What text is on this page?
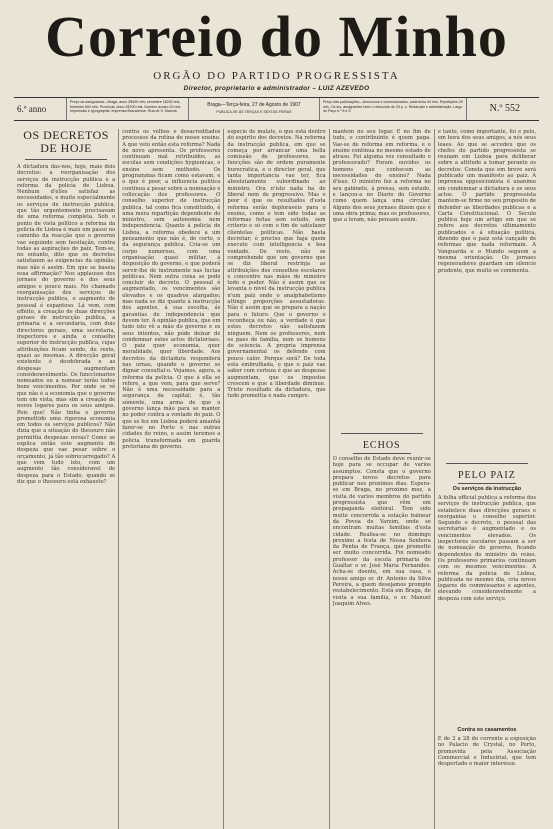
Correio do Minho
ORGÃO DO PARTIDO PROGRESSISTA
Director, proprietario e administrador – LUIZ AZEVEDO
6.º anno
Preço da assignatura—Braga, anno 2$400 reis; semestre 1$200 reis, trimestre 600 reis. Provincia, anno 2$700 reis. Numero avulso 20 reis. Impressão e typographia, Imprensa Bracarense. Rua de S. Marcos.
Braga—Terça-feira, 27 de Agosto de 1907
PUBLICA-SE ÁS TERÇAS E SEXTAS-FEIRAS
Preço das publicações—Annuncios e communicados, cada linha 40 reis. Repetições 20 reis. Os srs. assignantes teem o desconto de 25 p. c. Redacção e administração, Largo do Paço n.º 8 e 9	N.º 552
OS DECRETOS DE HOJE
A dictadura das-nos, hoje, mais dois decretos: a reorganisação dos serviços de instrucção publica e a reforma da policia de Lisboa. Nenhum d'elles satisfaz as necessidades, e muito especialmente os serviços de instrucção publica, que tão urgentemente precisavam de uma reforma completa. Sob o ponto de vista politico a reforma da policia de Lisboa é mais um passo no caminho da reacção que o governo vae seguindo sem hesitação, contra todas as aspirações do paiz. Tem-se, no entanto, dito que os decretos satisfazem as exigencias da opinião; mas não é assim. Em que se baseia essa affirmação? Nos applausos dos jornaes do governo e dos seus amigos e pouco mais. No chamado reorganisação dos serviços de instrucção publica, o augmento de pessoal é espantoso. Lá vem, com effeito, a creação de duas direcções geraes de instrucção publica, a primaria e a secundaria, com dois directores geraes, uma secretaria, inspectores e ainda o conselho superior de instrucção publica, cujas attribuições ficam sendo, de resto, quasi as mesmas. A direcção geral existente é desdobrada e as despesas augmentam consideravelmente. Os funccionarios nomeados ou a nomear terão todos bons vencimentos. Por onde se vê que não é a economia que o governo tem em vista, mas sim a creação de novos logares para os seus amigos. Pois que! Não tinha o governo promettido uma rigorosa economia em todos os serviços publicos? Não dizia que a situação do thesouro não permittia despezas novas? Como se explica então este augmento de despeza que vae pesar sobre o orçamento, já tão sobrecarregado? A que vem tudo isto, com um augmento tão consideravel de despeza para o Estado, quando se diz que o thesouro está exhausto?
contra os velhos e desacreditados processos da rotina do nosso ensino. A que veiu então esta reforma? Nada de novo apresenta. Os professores continuam mal retribuidos, as escolas sem condições hygienicas, o ensino sem methodo. Os programmas ficam como estavam, e o que é peor, a influencia politica continua a pesar sobre a nomeação e collocação dos professores. O conselho superior de instrucção publica, tal como fica constituido, é uma mera repartição dependente do ministro, sem autonomia nem independencia. Quanto á policia de Lisboa, a reforma obedece a um pensamento que não é, de certo, o da segurança publica. Cria-se um corpo numeroso, com uma organisação quasi militar, á disposição do governo, e que poderá servir-lhe de instrumento nas luctas politicas. Nem outra coisa se pode concluir do decreto. O pessoal é augmentado, os vencimentos são elevados e os quadros alargados; mas nada se diz quanto á instrucção dos agentes, á sua escolha, ás garantias de independencia que devem ter. A opinião publica, que em tudo isto vê a mão do governo e os seus intentos, não póde deixar de condemnar estes actos dictatoriaes. O paiz quer economia, quer moralidade, quer liberdade. Aos decretos da dictadura responderá nas urnas, quando o governo se dignar consultal-o. Vejamos, agora, a reforma da policia. O que á ella se refere, a que vem, para que serve? Não é uma necessidade para a segurança da capital; é, tão sómente, uma arma de que o governo lança mão para se manter no poder contra a vontade do paiz. O que se fez em Lisboa poderá amanhã fazer-se no Porto e nas outras cidades do reino, e assim teremos a policia transformada em guarda pretoriana do governo.
especie de mulats, o que está dentro do espirito dos decretos. Na reforma da instrucção publica, em que se começa por arrancar uma bella comissão de professores, as funcções são de ordem puramente burocratica, e o director geral, que tanta importancia vae ter, fica absolutamente subordinado ao ministro. Ora n'isto nada ha de liberal nem de progressivo. Mas o peor é que os resultados d'esta reforma serão deploraveis para o ensino, como o tem sido todas as reformas feitas sem estudo, sem criterio e só com o fim de satisfazer clientelas politicas. Não basta decretar; é preciso que haja quem execute com intelligencia e boa vontade. De resto, não se comprehende que um governo que se diz liberal restrinja as attribuições dos conselhos escolares e concentre nas mãos do ministro todo o poder. Não é assim que se levanta o nivel da instrucção publica n'um paiz onde o analphabetismo attinge proporções assustadoras. Não é assim que se prepara a nação para o futuro. Que o governo o reconheça ou não, a verdade é que estes decretos não satisfazem ninguem. Nem os professores, nem os paes de familia, nem os homens de sciencia. A propria imprensa governamental os defende com pouco calor. Porque será? De toda esta embrulhada, o que o paiz vae saber com certeza é que as despezas augmentam, que os impostos crescem e que a liberdade diminue. Triste resultado da dictadura, que tudo promettia e nada cumpre.
mantem no seu logar. E no fim de tudo, o contribuinte é quem paga. Vae-se de reforma em reforma, e o ensino continua no mesmo estado de atraso. Foi alguma vez consultado o professorado? Foram ouvidos os homens que conhecem as necessidades do ensino? Nada d'isso. O ministro fez a reforma no seu gabinete, á pressa, sem estudo, e lançou-a no Diario do Governo como quem lança uma circular. Alguns dos seus jornaes dizem que é uma obra prima; mas os professores, que a leram, não pensam assim.
ECHOS
O conselho de Estado deve reunir-se hoje para se occupar de varios assumptos. Consta que o governo prepara novos decretos para publicar nos proximos dias. Espera-se em Braga, no proximo mez, a visita de varios membros do partido progressista que vêm em propaganda eleitoral. Tem sido muito concorrida a estação balnear da Povoa de Varzim, onde se encontram muitas familias d'esta cidade. Realisa-se no domingo proximo a festa de Nossa Senhora da Penha de França, que promette ser muito concorrida. Foi nomeado professor da escola primaria de Gualtar o sr. José Maria Fernandes. Acha-se doente, em sua casa, o nosso amigo sr. dr. Antonio da Silva Pereira, a quem desejamos prompto restabelecimento. Está em Braga, de visita a sua familia, o sr. Manuel Joaquim Alves.
e tanto, como importante, foi e pelo, em hora dos seus amigos, a nós seus leaes. Ao que se accedeu que os chefes do partido progressista se reunam em Lisboa para deliberar sobre a attitude a tomar perante os decretos. Consta que em breve será publicado um manifesto ao paiz. A imprensa opposicionista é unanime em condemnar a dictadura e os seus actos. O partido progressista mantem-se firme no seu proposito de defender as liberdades publicas e a Carta Constitucional. O Seculo publica hoje um artigo em que se refere aos decretos ultimamente publicados e á situação politica, dizendo que o paiz está cançado de reformas que nada reformam. A Vanguarda e o Mundo seguem a mesma orientação. Os jornaes regeneradores guardam um silencio prudente, que muito se commenta.
PELO PAIZ
Os serviços da instrucção
A folha official publica a reforma dos serviços de instrucção publica, que estabelece duas direcções geraes e reorganisa o conselho superior. Segundo o decreto, o pessoal das secretarias é augmentado e os vencimentos elevados. Os inspectores escolares passam a ser de nomeação do governo, ficando dependentes do ministro do reino. Os professores primarios continuam com os mesmos vencimentos. A reforma da policia de Lisboa, publicada no mesmo dia, cria novos logares de commissarios e agentes, elevando consideravelmente a despeza com este serviço.
Contra os casamentos
E de 2 a 28 do corrente a exposição no Palacio de Crystal, no Porto, promovida pela Associação Commercial e Industrial, que tem despertado o maior interesse.
